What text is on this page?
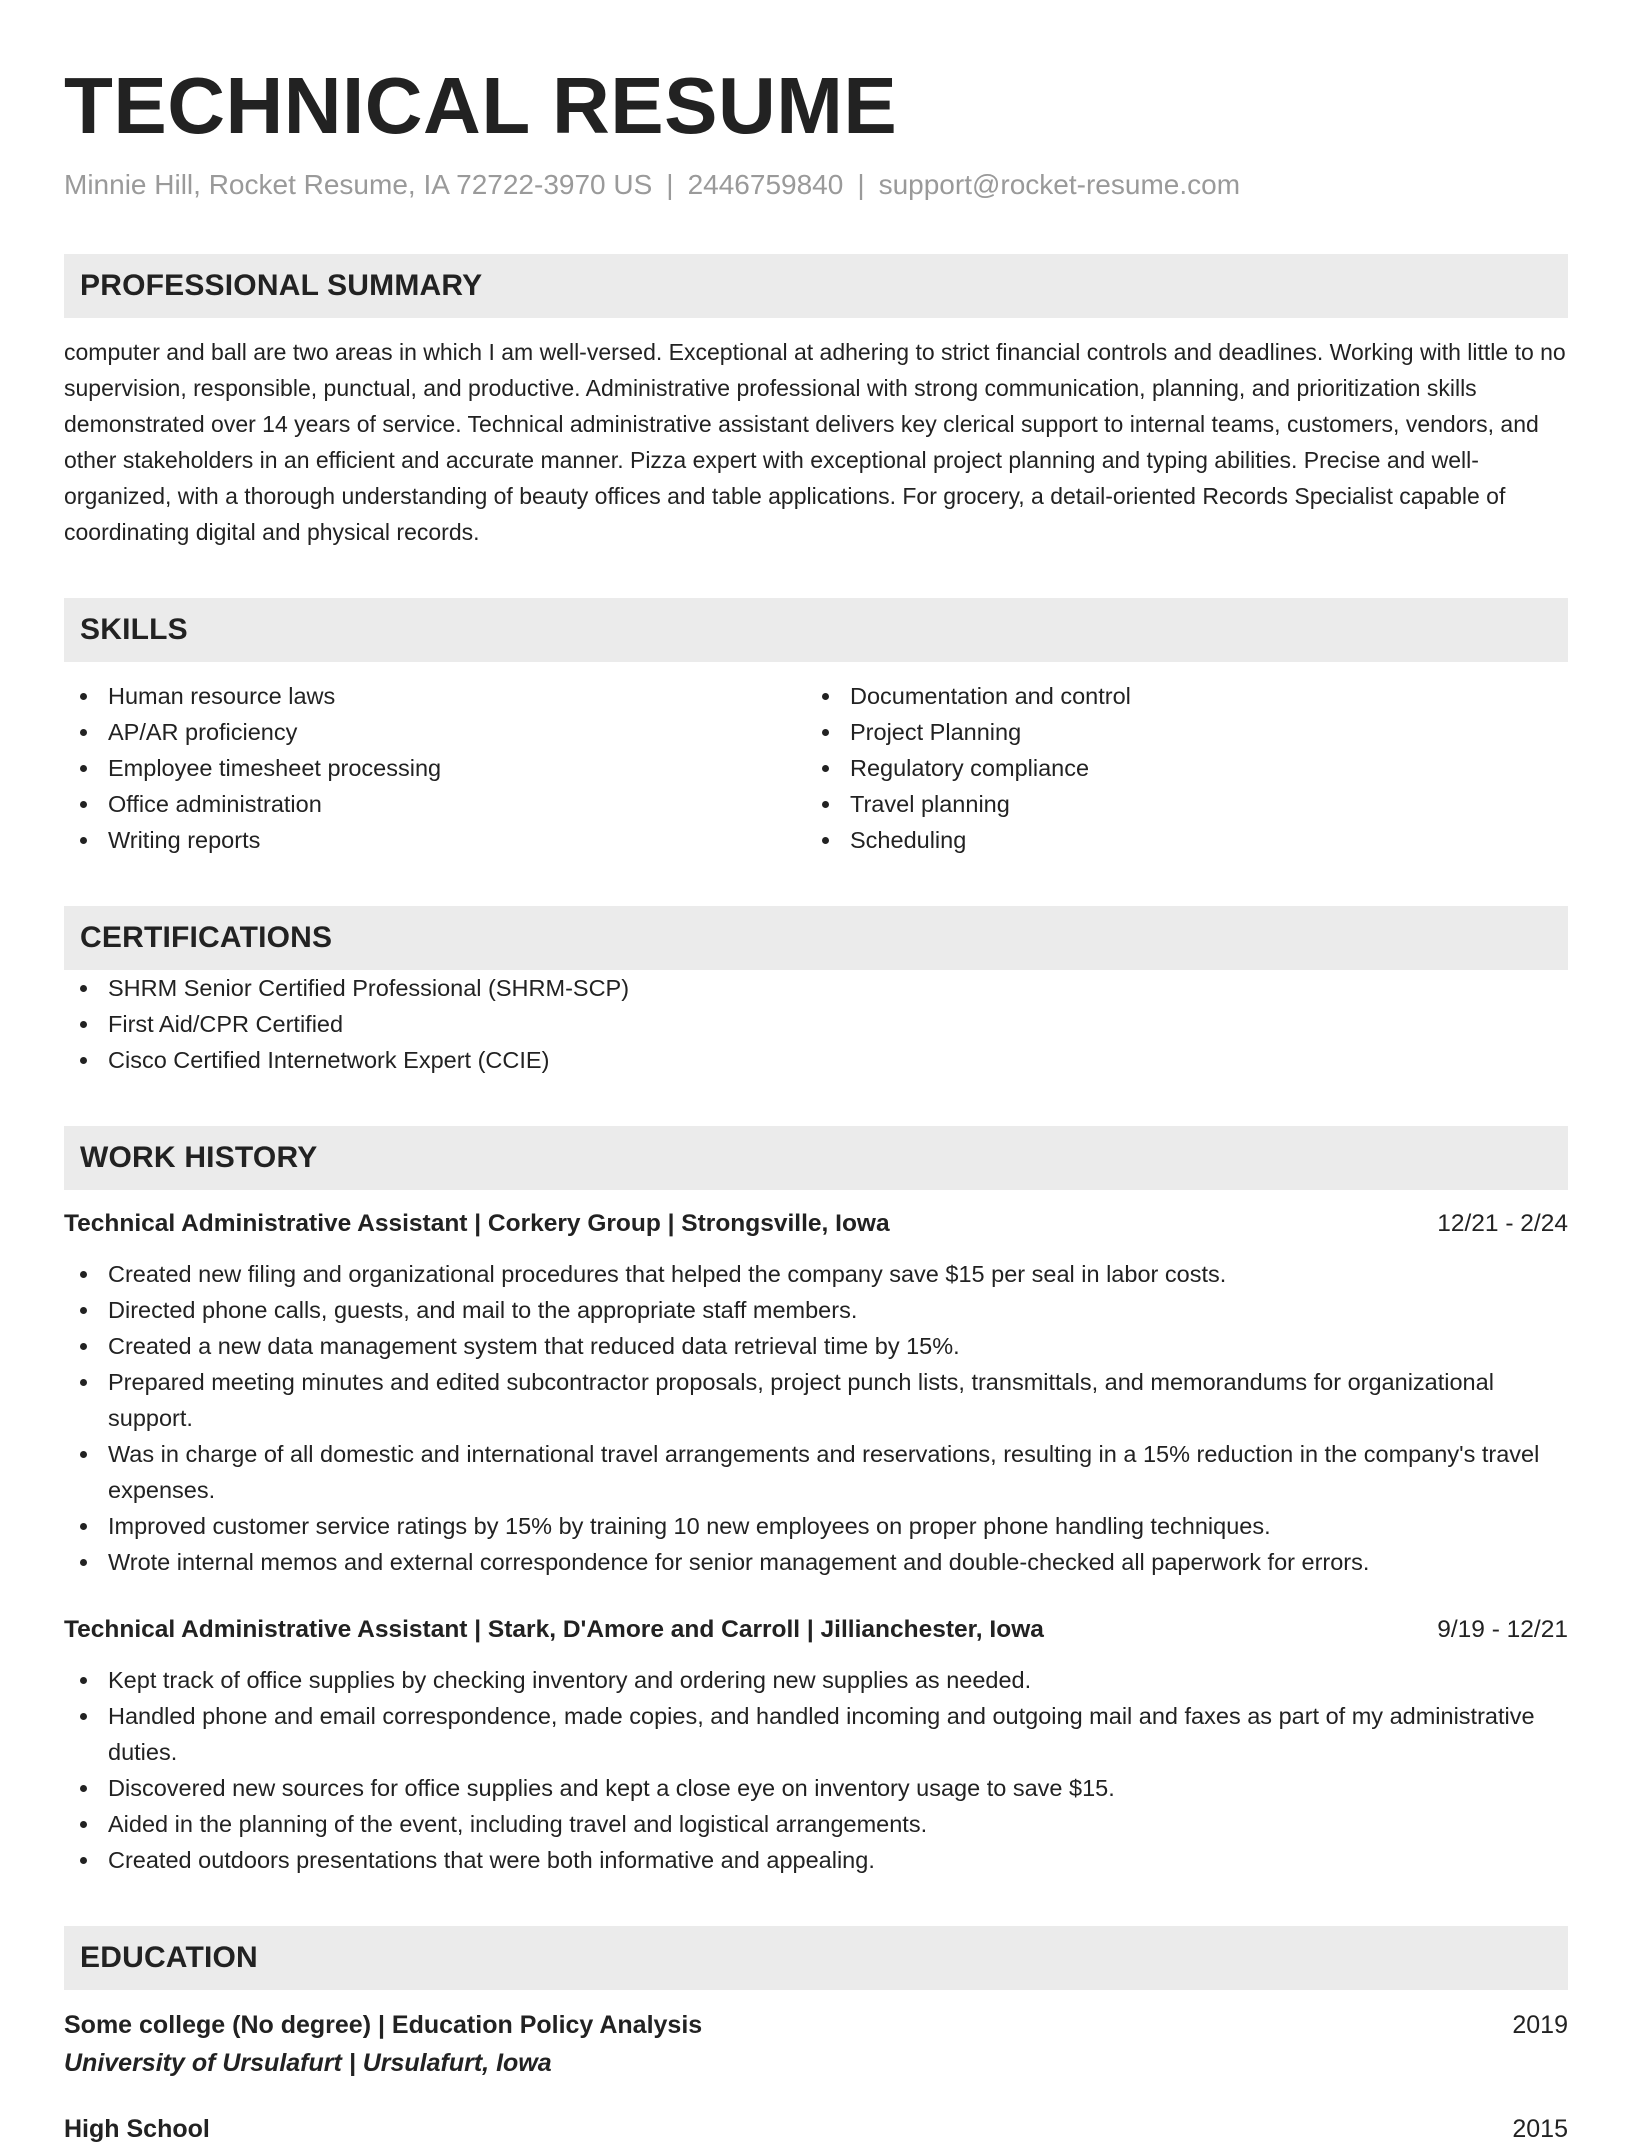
TECHNICAL RESUME
Minnie Hill, Rocket Resume, IA 72722-3970 US | 2446759840 | support@rocket-resume.com
PROFESSIONAL SUMMARY
computer and ball are two areas in which I am well-versed. Exceptional at adhering to strict financial controls and deadlines. Working with little to no supervision, responsible, punctual, and productive. Administrative professional with strong communication, planning, and prioritization skills demonstrated over 14 years of service. Technical administrative assistant delivers key clerical support to internal teams, customers, vendors, and other stakeholders in an efficient and accurate manner. Pizza expert with exceptional project planning and typing abilities. Precise and well-organized, with a thorough understanding of beauty offices and table applications. For grocery, a detail-oriented Records Specialist capable of coordinating digital and physical records.
SKILLS
Human resource laws
AP/AR proficiency
Employee timesheet processing
Office administration
Writing reports
Documentation and control
Project Planning
Regulatory compliance
Travel planning
Scheduling
CERTIFICATIONS
SHRM Senior Certified Professional (SHRM-SCP)
First Aid/CPR Certified
Cisco Certified Internetwork Expert (CCIE)
WORK HISTORY
Technical Administrative Assistant | Corkery Group | Strongsville, Iowa	12/21 - 2/24
Created new filing and organizational procedures that helped the company save $15 per seal in labor costs.
Directed phone calls, guests, and mail to the appropriate staff members.
Created a new data management system that reduced data retrieval time by 15%.
Prepared meeting minutes and edited subcontractor proposals, project punch lists, transmittals, and memorandums for organizational support.
Was in charge of all domestic and international travel arrangements and reservations, resulting in a 15% reduction in the company's travel expenses.
Improved customer service ratings by 15% by training 10 new employees on proper phone handling techniques.
Wrote internal memos and external correspondence for senior management and double-checked all paperwork for errors.
Technical Administrative Assistant | Stark, D'Amore and Carroll | Jillianchester, Iowa	9/19 - 12/21
Kept track of office supplies by checking inventory and ordering new supplies as needed.
Handled phone and email correspondence, made copies, and handled incoming and outgoing mail and faxes as part of my administrative duties.
Discovered new sources for office supplies and kept a close eye on inventory usage to save $15.
Aided in the planning of the event, including travel and logistical arrangements.
Created outdoors presentations that were both informative and appealing.
EDUCATION
Some college (No degree) | Education Policy Analysis	2019
University of Ursulafurt | Ursulafurt, Iowa
High School	2015
